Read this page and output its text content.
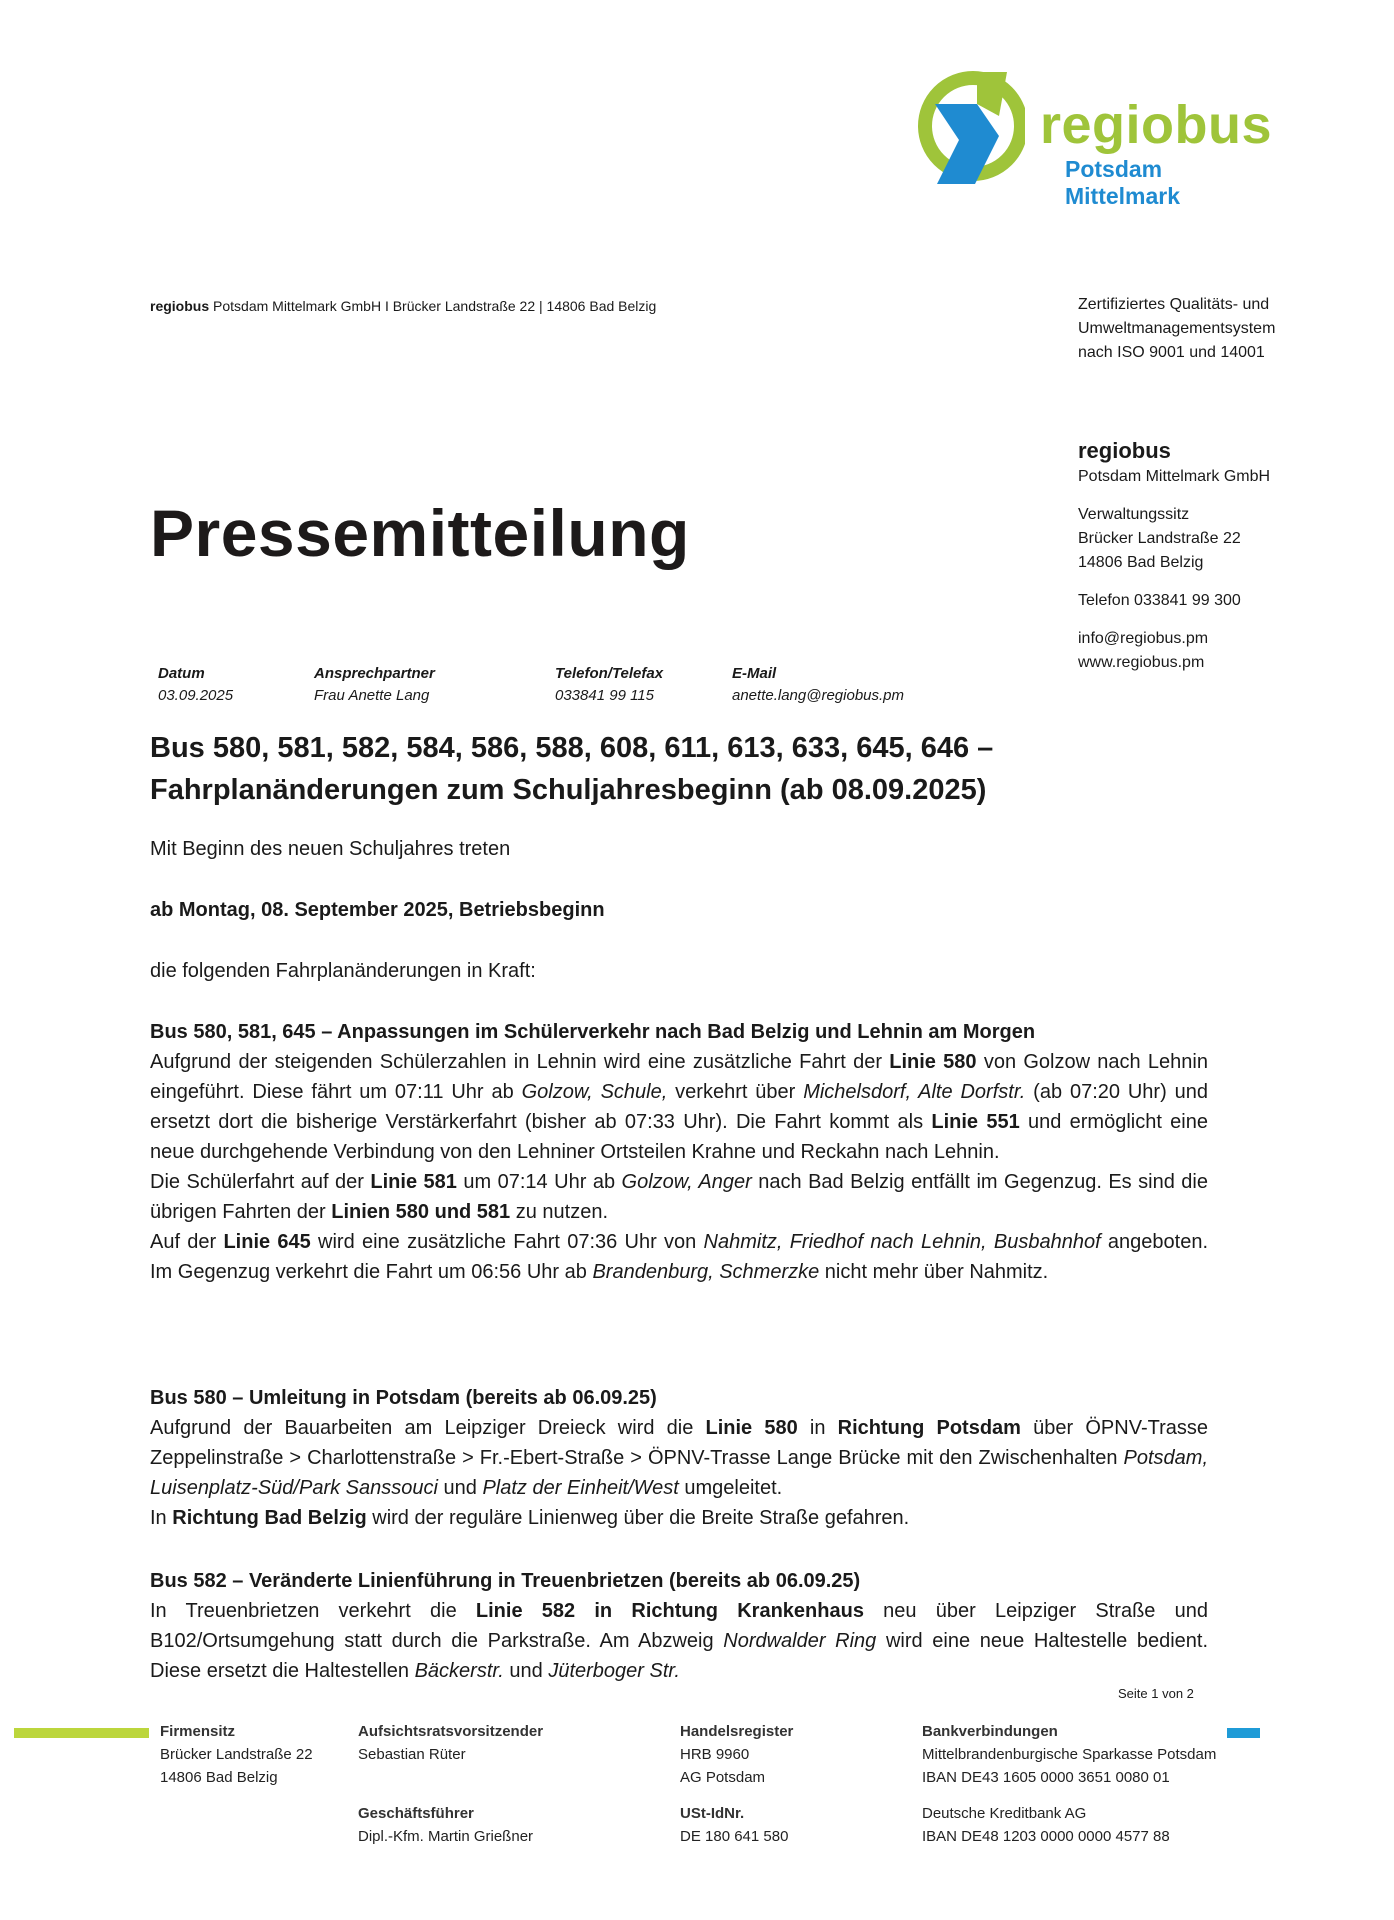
regiobus
Potsdam Mittelmark
regiobus Potsdam Mittelmark GmbH I Brücker Landstraße 22 | 14806 Bad Belzig	Zertifiziertes Qualitäts- und
Umweltmanagementsystem
nach ISO 9001 und 14001
regiobus
Potsdam Mittelmark GmbH
Verwaltungssitz
Brücker Landstraße 22
14806 Bad Belzig
Telefon 033841 99 300
info@regiobus.pm
www.regiobus.pm
Pressemitteilung
Datum
03.09.2025
Ansprechpartner
Frau Anette Lang
Telefon/Telefax
033841 99 115
E-Mail
anette.lang@regiobus.pm
Bus 580, 581, 582, 584, 586, 588, 608, 611, 613, 633, 645, 646 –
Fahrplanänderungen zum Schuljahresbeginn (ab 08.09.2025)
Mit Beginn des neuen Schuljahres treten
ab Montag, 08. September 2025, Betriebsbeginn
die folgenden Fahrplanänderungen in Kraft:

Bus 580, 581, 645 – Anpassungen im Schülerverkehr nach Bad Belzig und Lehnin am Morgen

Aufgrund der steigenden Schülerzahlen in Lehnin wird eine zusätzliche Fahrt der Linie 580 von Golzow nach Lehnin eingeführt. Diese fährt um 07:11 Uhr ab Golzow, Schule, verkehrt über Michelsdorf, Alte Dorfstr. (ab 07:20 Uhr) und ersetzt dort die bisherige Verstärkerfahrt (bisher ab 07:33 Uhr). Die Fahrt kommt als Linie 551 und ermöglicht eine neue durchgehende Verbindung von den Lehniner Ortsteilen Krahne und Reckahn nach Lehnin.

Die Schülerfahrt auf der Linie 581 um 07:14 Uhr ab Golzow, Anger nach Bad Belzig entfällt im Gegenzug. Es sind die übrigen Fahrten der Linien 580 und 581 zu nutzen.

Auf der Linie 645 wird eine zusätzliche Fahrt 07:36 Uhr von Nahmitz, Friedhof nach Lehnin, Busbahnhof angeboten. Im Gegenzug verkehrt die Fahrt um 06:56 Uhr ab Brandenburg, Schmerzke nicht mehr über Nahmitz.

Bus 580 – Umleitung in Potsdam (bereits ab 06.09.25)

Aufgrund der Bauarbeiten am Leipziger Dreieck wird die Linie 580 in Richtung Potsdam über ÖPNV-Trasse Zeppelinstraße > Charlottenstraße > Fr.-Ebert-Straße > ÖPNV-Trasse Lange Brücke mit den Zwischenhalten Potsdam, Luisenplatz-Süd/Park Sanssouci und Platz der Einheit/West umgeleitet.

In Richtung Bad Belzig wird der reguläre Linienweg über die Breite Straße gefahren.

Bus 582 – Veränderte Linienführung in Treuenbrietzen (bereits ab 06.09.25)

In Treuenbrietzen verkehrt die Linie 582 in Richtung Krankenhaus neu über Leipziger Straße und B102/Ortsumgehung statt durch die Parkstraße. Am Abzweig Nordwalder Ring wird eine neue Haltestelle bedient. Diese ersetzt die Haltestellen Bäckerstr. und Jüterboger Str.

Seite 1 von 2
Firmensitz
Brücker Landstraße 22
14806 Bad Belzig
Aufsichtsratsvorsitzender
Sebastian Rüter
Geschäftsführer
Dipl.-Kfm. Martin Grießner
Handelsregister
HRB 9960
AG Potsdam
USt-IdNr.
DE 180 641 580
Bankverbindungen
Mittelbrandenburgische Sparkasse Potsdam
IBAN DE43 1605 0000 3651 0080 01
Deutsche Kreditbank AG
IBAN DE48 1203 0000 0000 4577 88
